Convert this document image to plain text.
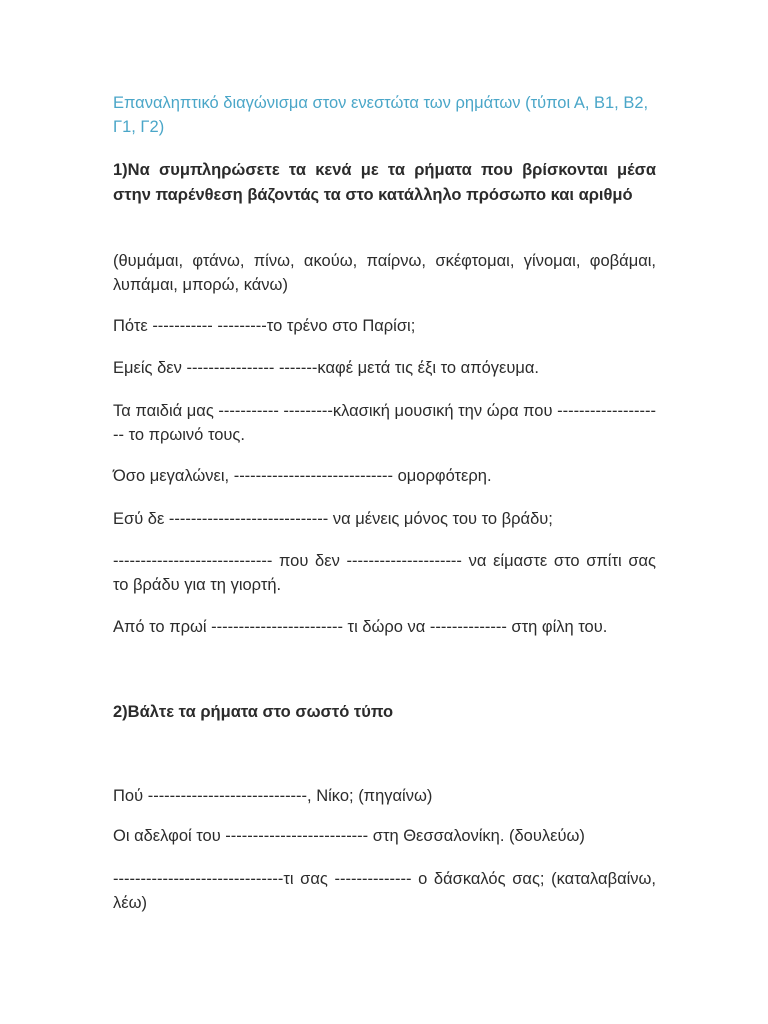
Επαναληπτικό διαγώνισμα στον ενεστώτα των ρημάτων (τύποι Α, Β1, Β2, Γ1, Γ2)

1)Να συμπληρώσετε τα κενά με τα ρήματα που βρίσκονται μέσα στην παρένθεση βάζοντάς τα στο κατάλληλο πρόσωπο και αριθμό

(θυμάμαι, φτάνω, πίνω, ακούω, παίρνω, σκέφτομαι, γίνομαι, φοβάμαι, λυπάμαι, μπορώ, κάνω)

Πότε ----------- ---------το τρένο στο Παρίσι;

Εμείς δεν ---------------- -------καφέ μετά τις έξι το απόγευμα.

Τα παιδιά μας ----------- ---------κλασική μουσική την ώρα που -------------------- το πρωινό τους.

Όσο μεγαλώνει, ----------------------------- ομορφότερη.

Εσύ δε ----------------------------- να μένεις μόνος του το βράδυ;

----------------------------- που δεν --------------------- να είμαστε στο σπίτι σας το βράδυ για τη γιορτή.

Από το πρωί ------------------------ τι δώρο να -------------- στη φίλη του.

2)Βάλτε τα ρήματα στο σωστό τύπο

Πού -----------------------------, Νίκο; (πηγαίνω)

Οι αδελφοί του -------------------------- στη Θεσσαλονίκη. (δουλεύω)

-------------------------------τι σας -------------- ο δάσκαλός σας; (καταλαβαίνω, λέω)
